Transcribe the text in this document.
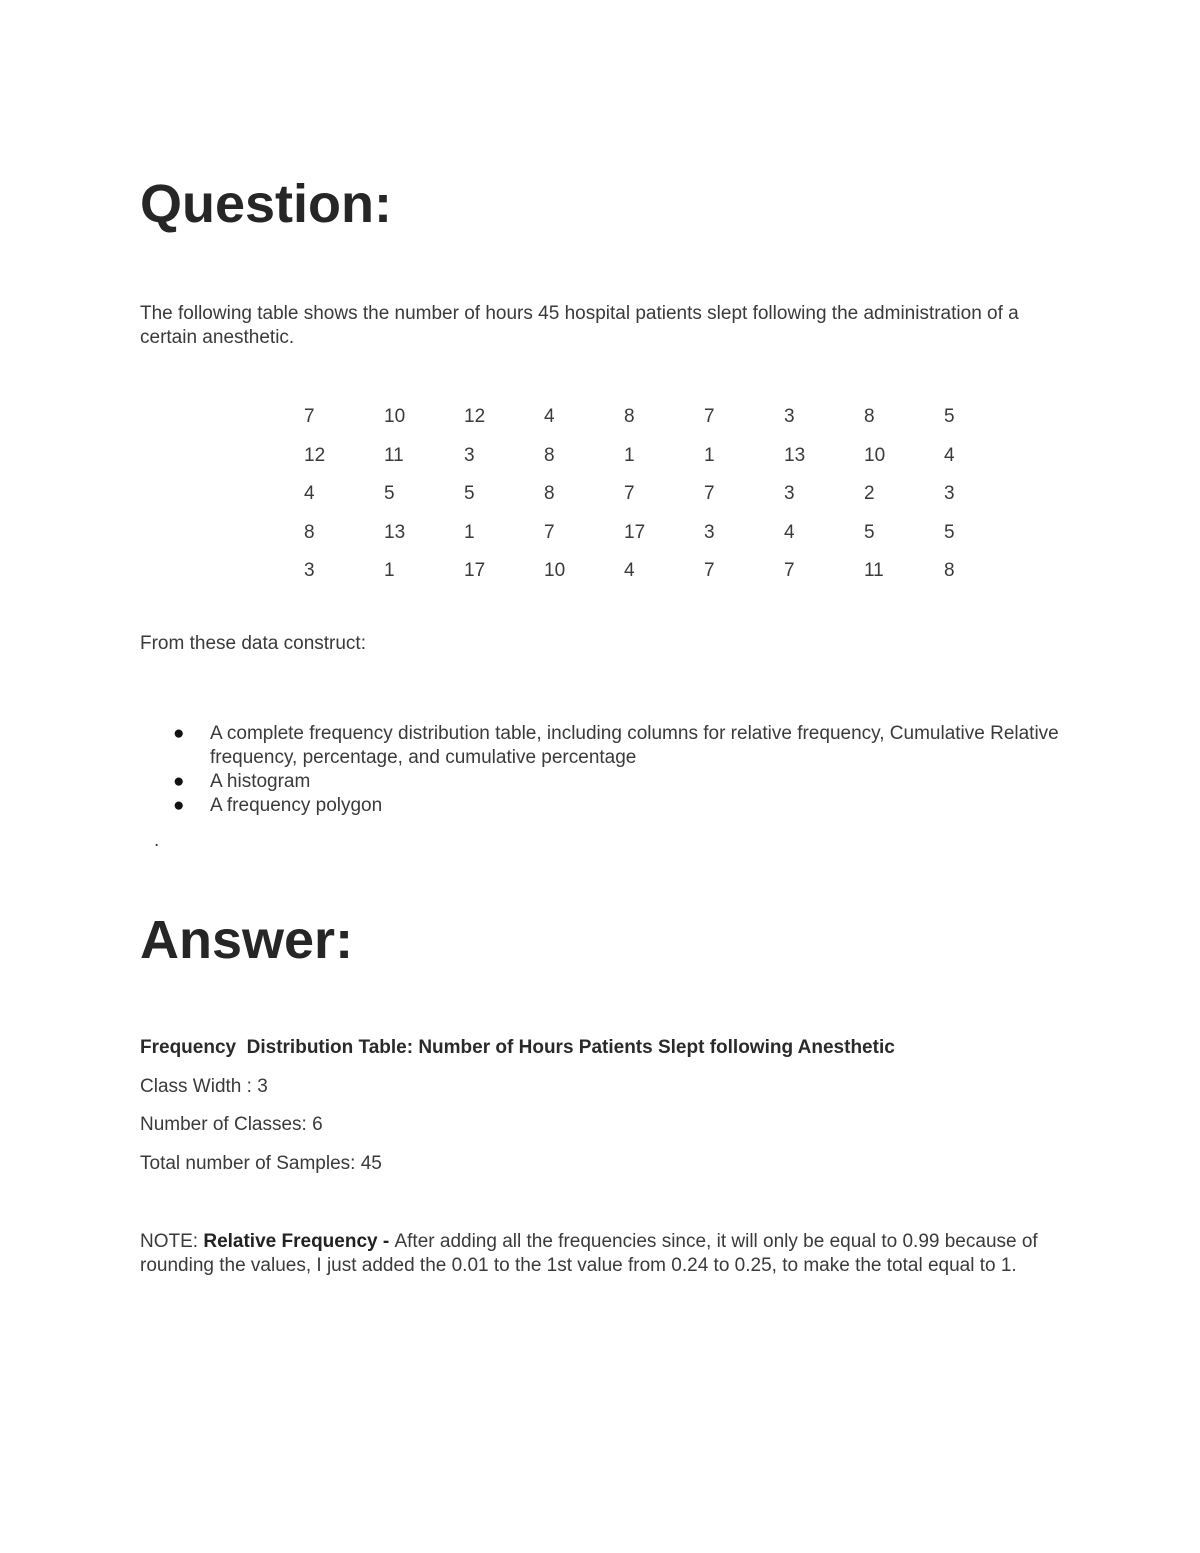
Question:

The following table shows the number of hours 45 hospital patients slept following the administration of a certain anesthetic.

7	10	12	4	8	7	3	8	5
12	11	3	8	1	1	13	10	4
4	5	5	8	7	7	3	2	3
8	13	1	7	17	3	4	5	5
3	1	17	10	4	7	7	11	8

From these data construct:

● A complete frequency distribution table, including columns for relative frequency, Cumulative Relative frequency, percentage, and cumulative percentage
● A histogram
● A frequency polygon
.
Answer:
Frequency  Distribution Table: Number of Hours Patients Slept following Anesthetic
Class Width : 3
Number of Classes: 6
Total number of Samples: 45
NOTE: Relative Frequency - After adding all the frequencies since, it will only be equal to 0.99 because of rounding the values, I just added the 0.01 to the 1st value from 0.24 to 0.25, to make the total equal to 1.
